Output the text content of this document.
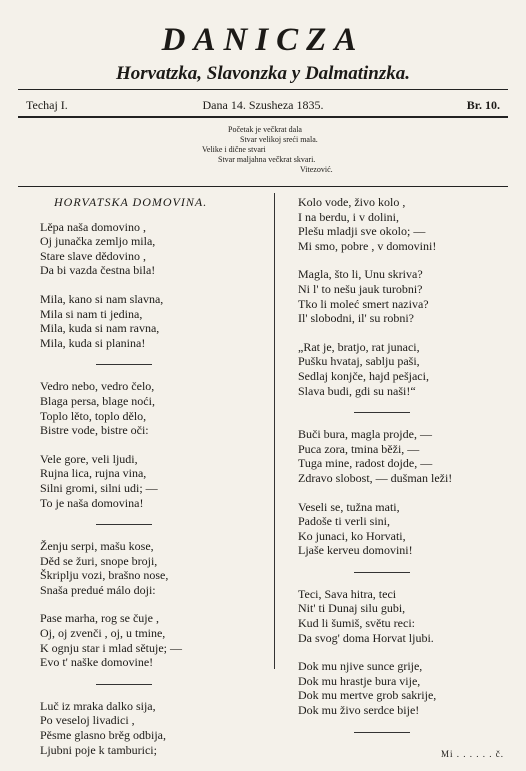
DANICZA
Horvatzka, Slavonzka y Dalmatinzka.
Techaj I.	Dana 14. Szusheza 1835.	Br. 10.
Početak je večkrat dala
Stvar velikoj sreći mala.
Velike i dične stvari
Stvar maljahna večkrat skvari.
Vitezović.
HORVATSKA DOMOVINA.
Lěpa naša domovino ,
Oj junačka zemljo mila,
Stare slave dědovino ,
Da bi vazda čestna bila!
Mila, kano si nam slavna,
Mila si nam ti jedina,
Mila, kuda si nam ravna,
Mila, kuda si planina!
Vedro nebo, vedro čelo,
Blaga persa, blage noći,
Toplo lěto, toplo dělo,
Bistre vode, bistre oči:
Vele gore, veli ljudi,
Rujna lica, rujna vina,
Silni gromi, silni udi; —
To je naša domovina!
Ženju serpi, mašu kose,
Děd se žuri, snope broji,
Škriplju vozi, brašno nose,
Snaša predué málo doji:
Pase marha, rog se čuje ,
Oj, oj zvenči , oj, u tmine,
K ognju star i mlad sětuje; —
Evo t' naške domovine!
Luč iz mraka dalko sija,
Po veseloj livadici ,
Pěsme glasno brěg odbija,
Ljubni poje k tamburici;
Kolo vode, živo kolo ,
I na berdu, i v dolini,
Plešu mladji sve okolo; —
Mi smo, pobre , v domovini!
Magla, što li, Unu skriva?
Ni l' to nešu jauk turobni?
Tko li moleć smert naziva?
Il' slobodni, il' su robni?
„Rat je, bratjo, rat junaci,
Pušku hvataj, sablju paši,
Sedlaj konjče, hajd pešjaci,
Slava budi, gdi su naši!“
Buči bura, magla projde, —
Puca zora, tmina běži, —
Tuga mine, radost dojde, —
Zdravo slobost, — dušman leži!
Veseli se, tužna mati,
Padoše ti verli sini,
Ko junaci, ko Horvati,
Ljaše kerveu domovini!
Teci, Sava hitra, teci
Nit' ti Dunaj silu gubi,
Kud li šumiš, světu reci:
Da svog' doma Horvat ljubi.
Dok mu njive sunce grije,
Dok mu hrastje bura vije,
Dok mu mertve grob sakrije,
Dok mu živo serdce bije!
Mi . . . . . . č.
